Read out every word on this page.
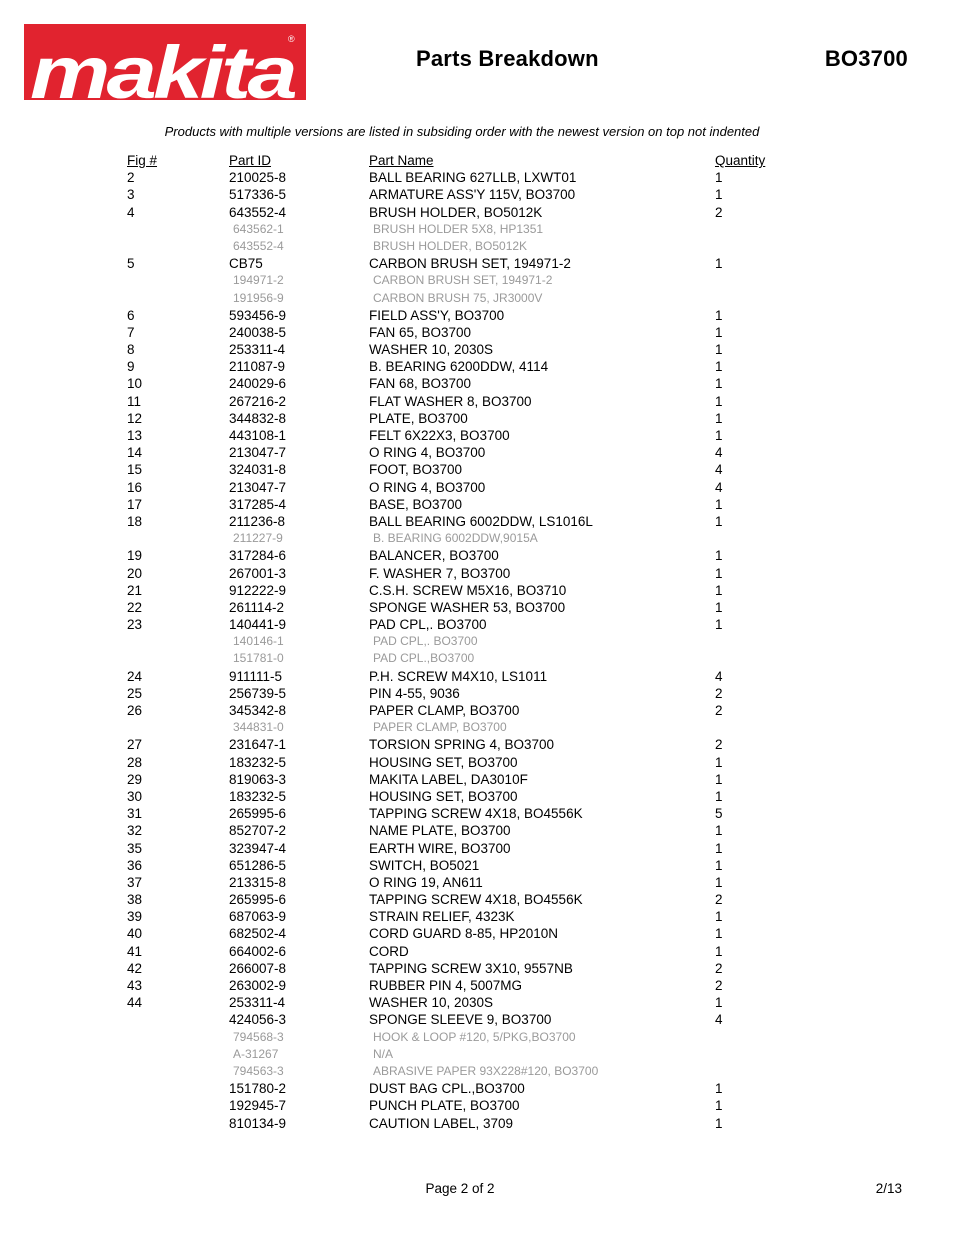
makita
®
Parts Breakdown	BO3700
Products with multiple versions are listed in subsiding order with the newest version on top not indented
Fig #	Part ID	Part Name	Quantity
2	210025-8	BALL BEARING 627LLB, LXWT01	1
3	517336-5	ARMATURE ASS'Y 115V, BO3700	1
4	643552-4	BRUSH HOLDER, BO5012K	2
643562-1	BRUSH HOLDER 5X8, HP1351
643552-4	BRUSH HOLDER, BO5012K
5	CB75	CARBON BRUSH SET, 194971-2	1
194971-2	CARBON BRUSH SET, 194971-2
191956-9	CARBON BRUSH 75, JR3000V
6	593456-9	FIELD ASS'Y, BO3700	1
7	240038-5	FAN 65, BO3700	1
8	253311-4	WASHER 10, 2030S	1
9	211087-9	B. BEARING 6200DDW, 4114	1
10	240029-6	FAN 68, BO3700	1
11	267216-2	FLAT WASHER 8, BO3700	1
12	344832-8	PLATE, BO3700	1
13	443108-1	FELT 6X22X3, BO3700	1
14	213047-7	O RING 4, BO3700	4
15	324031-8	FOOT, BO3700	4
16	213047-7	O RING 4, BO3700	4
17	317285-4	BASE, BO3700	1
18	211236-8	BALL BEARING 6002DDW, LS1016L	1
211227-9	B. BEARING 6002DDW,9015A
19	317284-6	BALANCER, BO3700	1
20	267001-3	F. WASHER 7, BO3700	1
21	912222-9	C.S.H. SCREW M5X16, BO3710	1
22	261114-2	SPONGE WASHER 53, BO3700	1
23	140441-9	PAD CPL,. BO3700	1
140146-1	PAD CPL,. BO3700
151781-0	PAD CPL.,BO3700
24	911111-5	P.H. SCREW M4X10, LS1011	4
25	256739-5	PIN 4-55, 9036	2
26	345342-8	PAPER CLAMP, BO3700	2
344831-0	PAPER CLAMP, BO3700
27	231647-1	TORSION SPRING 4, BO3700	2
28	183232-5	HOUSING SET, BO3700	1
29	819063-3	MAKITA LABEL, DA3010F	1
30	183232-5	HOUSING SET, BO3700	1
31	265995-6	TAPPING SCREW 4X18, BO4556K	5
32	852707-2	NAME PLATE, BO3700	1
35	323947-4	EARTH WIRE, BO3700	1
36	651286-5	SWITCH, BO5021	1
37	213315-8	O RING 19, AN611	1
38	265995-6	TAPPING SCREW 4X18, BO4556K	2
39	687063-9	STRAIN RELIEF, 4323K	1
40	682502-4	CORD GUARD 8-85, HP2010N	1
41	664002-6	CORD	1
42	266007-8	TAPPING SCREW 3X10, 9557NB	2
43	263002-9	RUBBER PIN 4, 5007MG	2
44	253311-4	WASHER 10, 2030S	1
424056-3	SPONGE SLEEVE 9, BO3700	4
794568-3	HOOK & LOOP #120, 5/PKG,BO3700
A-31267	N/A
794563-3	ABRASIVE PAPER 93X228#120, BO3700
151780-2	DUST BAG CPL.,BO3700	1
192945-7	PUNCH PLATE, BO3700	1
810134-9	CAUTION LABEL, 3709	1
Page 2 of 2	2/13
